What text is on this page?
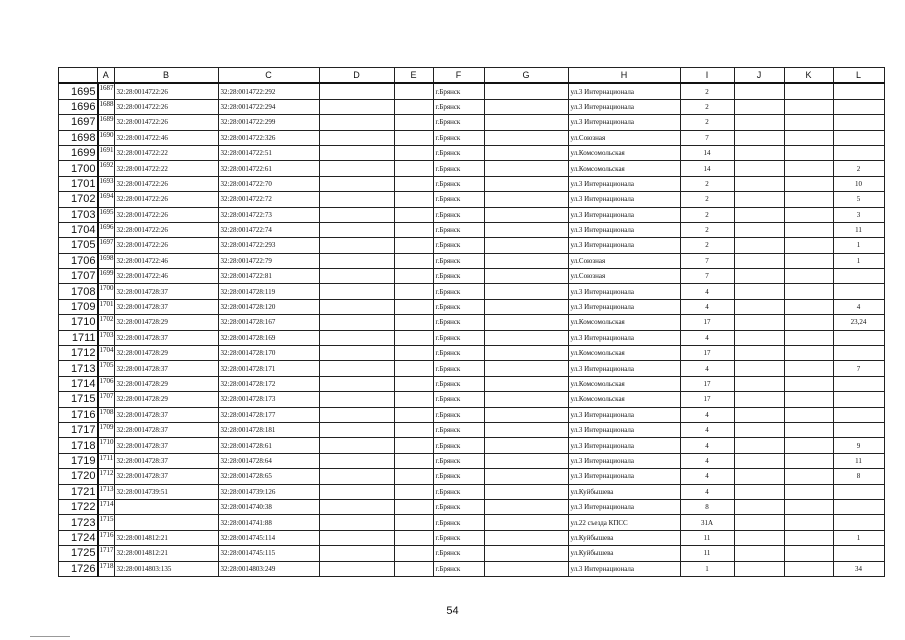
	A	B	C	D	E	F	G	H	I	J	K	L
1695	1687	32:28:0014722:26	32:28:0014722:292			г.Брянск		ул.3 Интернационала	2			
1696	1688	32:28:0014722:26	32:28:0014722:294			г.Брянск		ул.3 Интернационала	2			
1697	1689	32:28:0014722:26	32:28:0014722:299			г.Брянск		ул.3 Интернационала	2			
1698	1690	32:28:0014722:46	32:28:0014722:326			г.Брянск		ул.Союзная	7			
1699	1691	32:28:0014722:22	32:28:0014722:51			г.Брянск		ул.Комсомольская	14			
1700	1692	32:28:0014722:22	32:28:0014722:61			г.Брянск		ул.Комсомольская	14			2
1701	1693	32:28:0014722:26	32:28:0014722:70			г.Брянск		ул.3 Интернационала	2			10
1702	1694	32:28:0014722:26	32:28:0014722:72			г.Брянск		ул.3 Интернационала	2			5
1703	1695	32:28:0014722:26	32:28:0014722:73			г.Брянск		ул.3 Интернационала	2			3
1704	1696	32:28:0014722:26	32:28:0014722:74			г.Брянск		ул.3 Интернационала	2			11
1705	1697	32:28:0014722:26	32:28:0014722:293			г.Брянск		ул.3 Интернационала	2			1
1706	1698	32:28:0014722:46	32:28:0014722:79			г.Брянск		ул.Союзная	7			1
1707	1699	32:28:0014722:46	32:28:0014722:81			г.Брянск		ул.Союзная	7			
1708	1700	32:28:0014728:37	32:28:0014728:119			г.Брянск		ул.3 Интернационала	4			
1709	1701	32:28:0014728:37	32:28:0014728:120			г.Брянск		ул.3 Интернационала	4			4
1710	1702	32:28:0014728:29	32:28:0014728:167			г.Брянск		ул.Комсомольская	17			23,24
1711	1703	32:28:0014728:37	32:28:0014728:169			г.Брянск		ул.3 Интернационала	4			
1712	1704	32:28:0014728:29	32:28:0014728:170			г.Брянск		ул.Комсомольская	17			
1713	1705	32:28:0014728:37	32:28:0014728:171			г.Брянск		ул.3 Интернационала	4			7
1714	1706	32:28:0014728:29	32:28:0014728:172			г.Брянск		ул.Комсомольская	17			
1715	1707	32:28:0014728:29	32:28:0014728:173			г.Брянск		ул.Комсомольская	17			
1716	1708	32:28:0014728:37	32:28:0014728:177			г.Брянск		ул.3 Интернационала	4			
1717	1709	32:28:0014728:37	32:28:0014728:181			г.Брянск		ул.3 Интернационала	4			
1718	1710	32:28:0014728:37	32:28:0014728:61			г.Брянск		ул.3 Интернационала	4			9
1719	1711	32:28:0014728:37	32:28:0014728:64			г.Брянск		ул.3 Интернационала	4			11
1720	1712	32:28:0014728:37	32:28:0014728:65			г.Брянск		ул.3 Интернационала	4			8
1721	1713	32:28:0014739:51	32:28:0014739:126			г.Брянск		ул.Куйбышева	4			
1722	1714		32:28:0014740:38			г.Брянск		ул.3 Интернационала	8			
1723	1715		32:28:0014741:88			г.Брянск		ул.22 съезда КПСС	31А			
1724	1716	32:28:0014812:21	32:28:0014745:114			г.Брянск		ул.Куйбышева	11			1
1725	1717	32:28:0014812:21	32:28:0014745:115			г.Брянск		ул.Куйбышева	11			
1726	1718	32:28:0014803:135	32:28:0014803:249			г.Брянск		ул.3 Интернационала	1			34
54
